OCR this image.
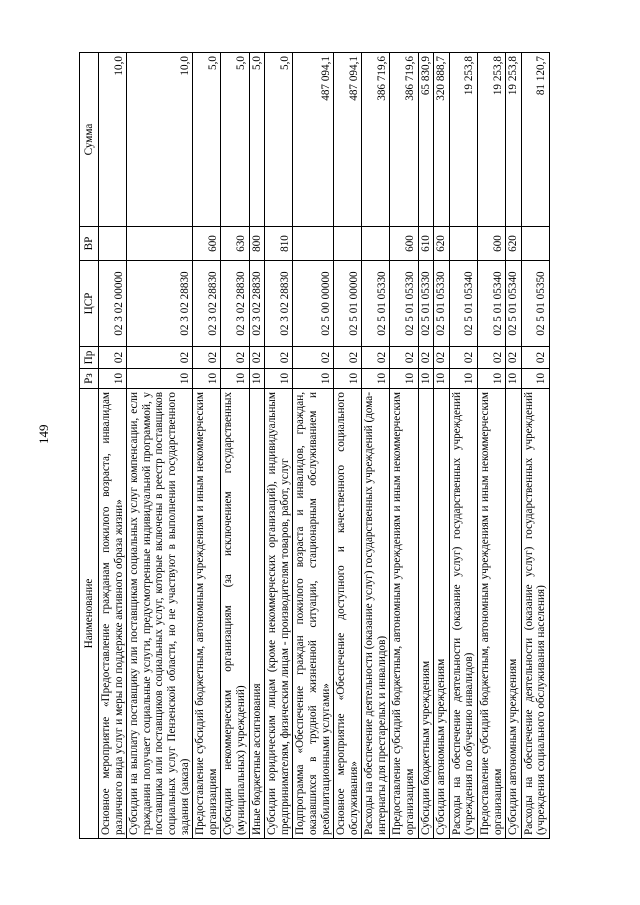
149
Наименование	Рз	Пр	ЦСР	ВР	Сумма
Основное мероприятие «Предоставление гражданам пожилого возраста, инвалидам различного вида услуг и меры по поддержке активного образа жизни»	10	02	02 3 02 00000		10,0
Субсидии на выплату поставщику или поставщикам социальных услуг компенсации, если гражданин получает социальные услуги, предусмотренные индивидуальной программой, у поставщика или поставщиков социальных услуг, которые включены в реестр поставщиков социальных услуг Пензенской области, но не участвуют в выполнении государственного задания (заказа)	10	02	02 3 02 28830		10,0
Предоставление субсидий бюджетным, автономным учреждениям и иным некоммерческим организациям	10	02	02 3 02 28830	600	5,0
Субсидии некоммерческим организациям (за исключением государственных (муниципальных) учреждений)	10	02	02 3 02 28830	630	5,0
Иные бюджетные ассигнования	10	02	02 3 02 28830	800	5,0
Субсидии юридическим лицам (кроме некоммерческих организаций), индивидуальным предпринимателям, физическим лицам - производителям товаров, работ, услуг	10	02	02 3 02 28830	810	5,0
Подпрограмма «Обеспечение граждан пожилого возраста и инвалидов, граждан, оказавшихся в трудной жизненной ситуации, стационарным обслуживанием и реабилитационными услугами»	10	02	02 5 00 00000		487 094,1
Основное мероприятие «Обеспечение доступного и качественного социального обслуживания»	10	02	02 5 01 00000		487 094,1
Расходы на обеспечение деятельности (оказание услуг) государственных учреждений (дома-интернаты для престарелых и инвалидов)	10	02	02 5 01 05330		386 719,6
Предоставление субсидий бюджетным, автономным учреждениям и иным некоммерческим организациям	10	02	02 5 01 05330	600	386 719,6
Субсидии бюджетным учреждениям	10	02	02 5 01 05330	610	65 830,9
Субсидии автономным учреждениям	10	02	02 5 01 05330	620	320 888,7
Расходы на обеспечение деятельности (оказание услуг) государственных учреждений (учреждения по обучению инвалидов)	10	02	02 5 01 05340		19 253,8
Предоставление субсидий бюджетным, автономным учреждениям и иным некоммерческим организациям	10	02	02 5 01 05340	600	19 253,8
Субсидии автономным учреждениям	10	02	02 5 01 05340	620	19 253,8
Расходы на обеспечение деятельности (оказание услуг) государственных учреждений (учреждения социального обслуживания населения)	10	02	02 5 01 05350		81 120,7
